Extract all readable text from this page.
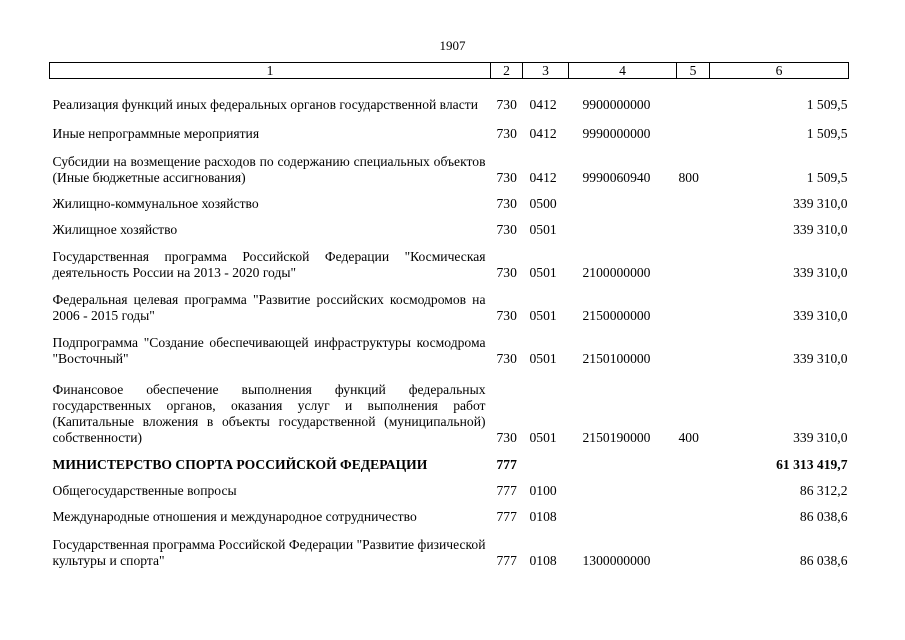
1907
1	2	3	4	5	6
Реализация функций иных федеральных органов государственной власти	730	0412	9900000000		1 509,5
Иные непрограммные мероприятия	730	0412	9990000000		1 509,5
Субсидии на возмещение расходов по содержанию специальных объектов (Иные бюджетные ассигнования)	730	0412	9990060940	800	1 509,5
Жилищно-коммунальное хозяйство	730	0500			339 310,0
Жилищное хозяйство	730	0501			339 310,0
Государственная программа Российской Федерации "Космическая деятельность России на 2013 - 2020 годы"	730	0501	2100000000		339 310,0
Федеральная целевая программа "Развитие российских космодромов на 2006 - 2015 годы"	730	0501	2150000000		339 310,0
Подпрограмма "Создание обеспечивающей инфраструктуры космодрома "Восточный"	730	0501	2150100000		339 310,0
Финансовое обеспечение выполнения функций федеральных государственных органов, оказания услуг и выполнения работ (Капитальные вложения в объекты государственной (муниципальной) собственности)	730	0501	2150190000	400	339 310,0
МИНИСТЕРСТВО СПОРТА РОССИЙСКОЙ ФЕДЕРАЦИИ	777				61 313 419,7
Общегосударственные вопросы	777	0100			86 312,2
Международные отношения и международное сотрудничество	777	0108			86 038,6
Государственная программа Российской Федерации "Развитие физической культуры и спорта"	777	0108	1300000000		86 038,6
